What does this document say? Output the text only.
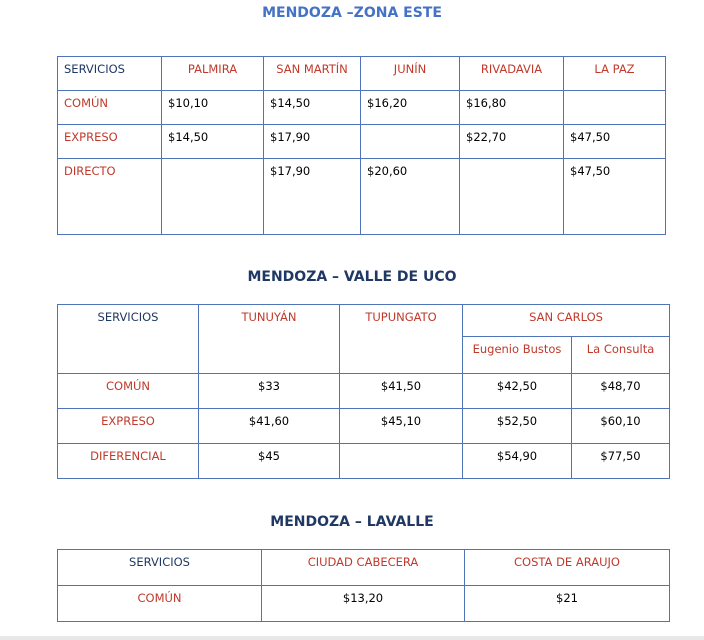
MENDOZA –ZONA ESTE
SERVICIOS	PALMIRA	SAN MARTÍN	JUNÍN	RIVADAVIA	LA PAZ
COMÚN	$10,10	$14,50	$16,20	$16,80	
EXPRESO	$14,50	$17,90		$22,70	$47,50
DIRECTO		$17,90	$20,60		$47,50
MENDOZA – VALLE DE UCO
SERVICIOS	TUNUYÁN	TUPUNGATO	SAN CARLOS	
			Eugenio Bustos	La Consulta
COMÚN	$33	$41,50	$42,50	$48,70
EXPRESO	$41,60	$45,10	$52,50	$60,10
DIFERENCIAL	$45		$54,90	$77,50
MENDOZA – LAVALLE
SERVICIOS	CIUDAD CABECERA	COSTA DE ARAUJO
COMÚN	$13,20	$21
